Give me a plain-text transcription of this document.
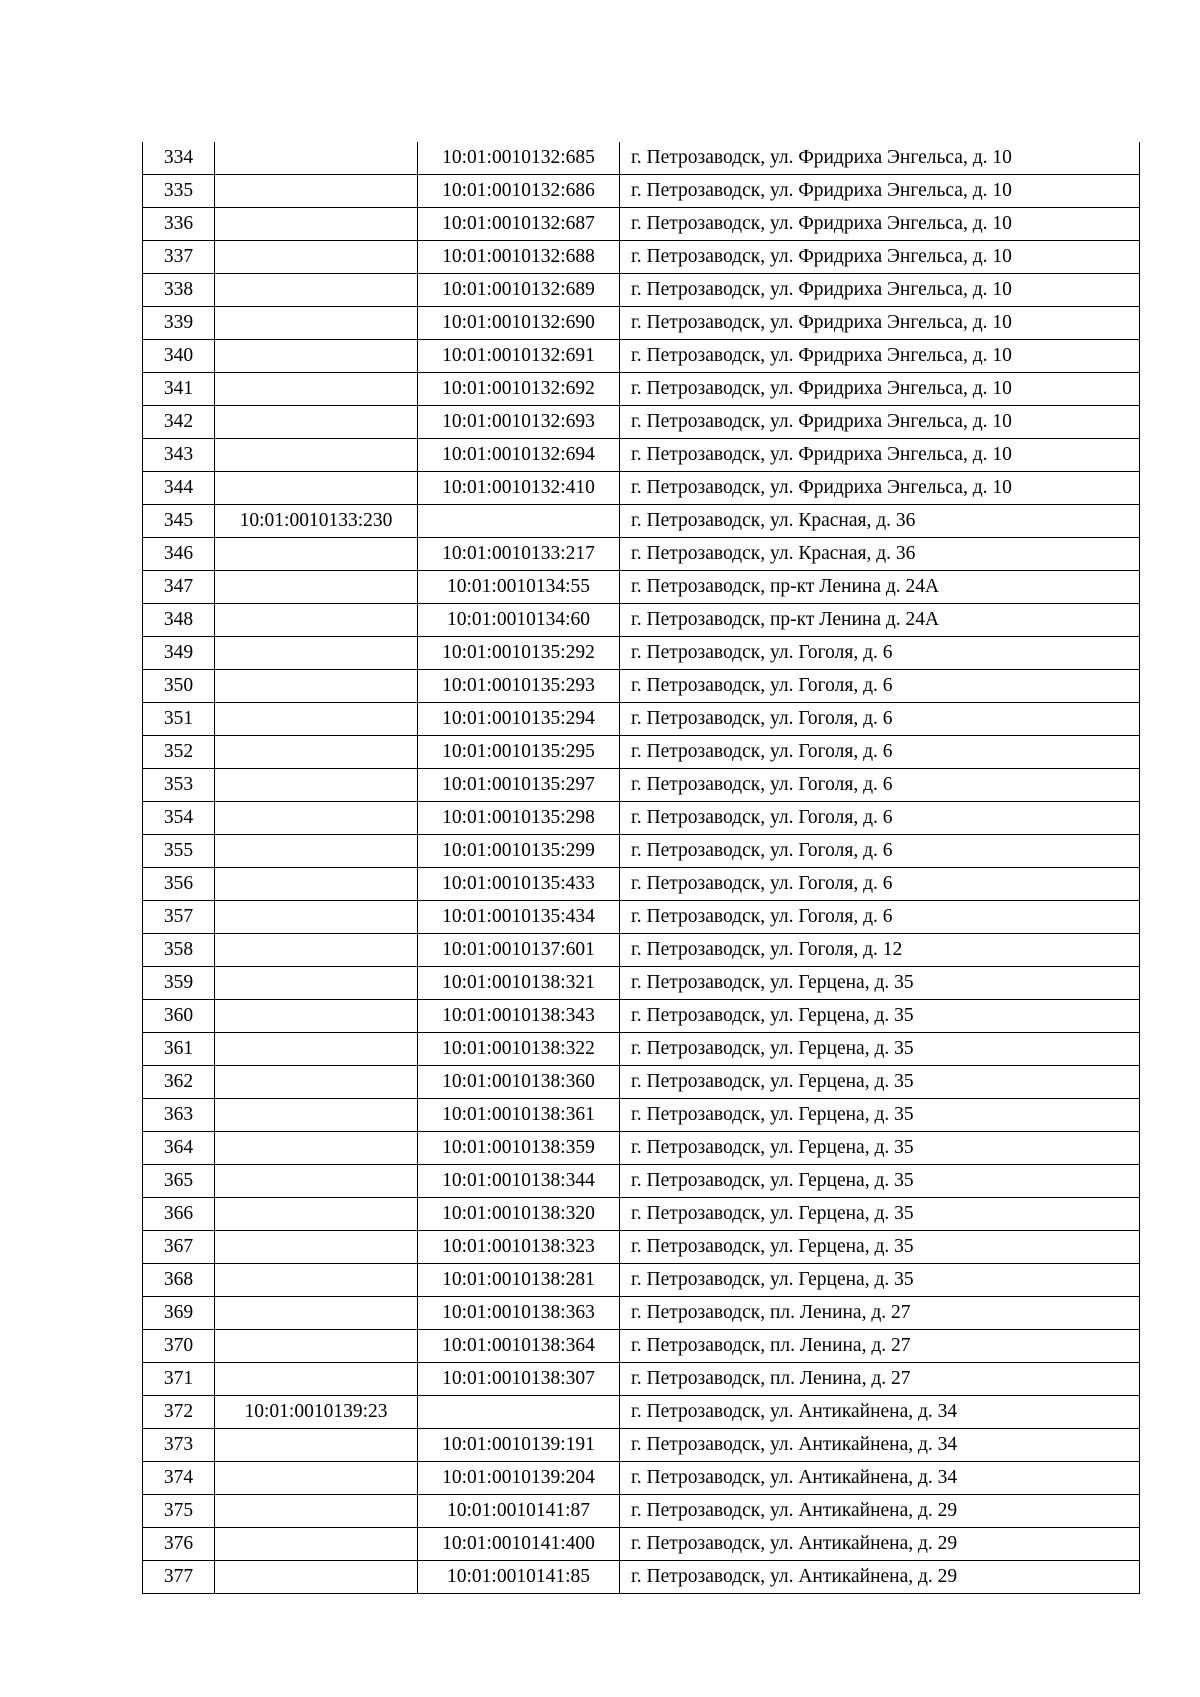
334		10:01:0010132:685	г. Петрозаводск, ул. Фридриха Энгельса, д. 10
335		10:01:0010132:686	г. Петрозаводск, ул. Фридриха Энгельса, д. 10
336		10:01:0010132:687	г. Петрозаводск, ул. Фридриха Энгельса, д. 10
337		10:01:0010132:688	г. Петрозаводск, ул. Фридриха Энгельса, д. 10
338		10:01:0010132:689	г. Петрозаводск, ул. Фридриха Энгельса, д. 10
339		10:01:0010132:690	г. Петрозаводск, ул. Фридриха Энгельса, д. 10
340		10:01:0010132:691	г. Петрозаводск, ул. Фридриха Энгельса, д. 10
341		10:01:0010132:692	г. Петрозаводск, ул. Фридриха Энгельса, д. 10
342		10:01:0010132:693	г. Петрозаводск, ул. Фридриха Энгельса, д. 10
343		10:01:0010132:694	г. Петрозаводск, ул. Фридриха Энгельса, д. 10
344		10:01:0010132:410	г. Петрозаводск, ул. Фридриха Энгельса, д. 10
345	10:01:0010133:230		г. Петрозаводск, ул. Красная, д. 36
346		10:01:0010133:217	г. Петрозаводск, ул. Красная, д. 36
347		10:01:0010134:55	г. Петрозаводск, пр-кт Ленина д. 24А
348		10:01:0010134:60	г. Петрозаводск, пр-кт Ленина д. 24А
349		10:01:0010135:292	г. Петрозаводск, ул. Гоголя, д. 6
350		10:01:0010135:293	г. Петрозаводск, ул. Гоголя, д. 6
351		10:01:0010135:294	г. Петрозаводск, ул. Гоголя, д. 6
352		10:01:0010135:295	г. Петрозаводск, ул. Гоголя, д. 6
353		10:01:0010135:297	г. Петрозаводск, ул. Гоголя, д. 6
354		10:01:0010135:298	г. Петрозаводск, ул. Гоголя, д. 6
355		10:01:0010135:299	г. Петрозаводск, ул. Гоголя, д. 6
356		10:01:0010135:433	г. Петрозаводск, ул. Гоголя, д. 6
357		10:01:0010135:434	г. Петрозаводск, ул. Гоголя, д. 6
358		10:01:0010137:601	г. Петрозаводск, ул. Гоголя, д. 12
359		10:01:0010138:321	г. Петрозаводск, ул. Герцена, д. 35
360		10:01:0010138:343	г. Петрозаводск, ул. Герцена, д. 35
361		10:01:0010138:322	г. Петрозаводск, ул. Герцена, д. 35
362		10:01:0010138:360	г. Петрозаводск, ул. Герцена, д. 35
363		10:01:0010138:361	г. Петрозаводск, ул. Герцена, д. 35
364		10:01:0010138:359	г. Петрозаводск, ул. Герцена, д. 35
365		10:01:0010138:344	г. Петрозаводск, ул. Герцена, д. 35
366		10:01:0010138:320	г. Петрозаводск, ул. Герцена, д. 35
367		10:01:0010138:323	г. Петрозаводск, ул. Герцена, д. 35
368		10:01:0010138:281	г. Петрозаводск, ул. Герцена, д. 35
369		10:01:0010138:363	г. Петрозаводск, пл. Ленина, д. 27
370		10:01:0010138:364	г. Петрозаводск, пл. Ленина, д. 27
371		10:01:0010138:307	г. Петрозаводск, пл. Ленина, д. 27
372	10:01:0010139:23		г. Петрозаводск, ул. Антикайнена, д. 34
373		10:01:0010139:191	г. Петрозаводск, ул. Антикайнена, д. 34
374		10:01:0010139:204	г. Петрозаводск, ул. Антикайнена, д. 34
375		10:01:0010141:87	г. Петрозаводск, ул. Антикайнена, д. 29
376		10:01:0010141:400	г. Петрозаводск, ул. Антикайнена, д. 29
377		10:01:0010141:85	г. Петрозаводск, ул. Антикайнена, д. 29
